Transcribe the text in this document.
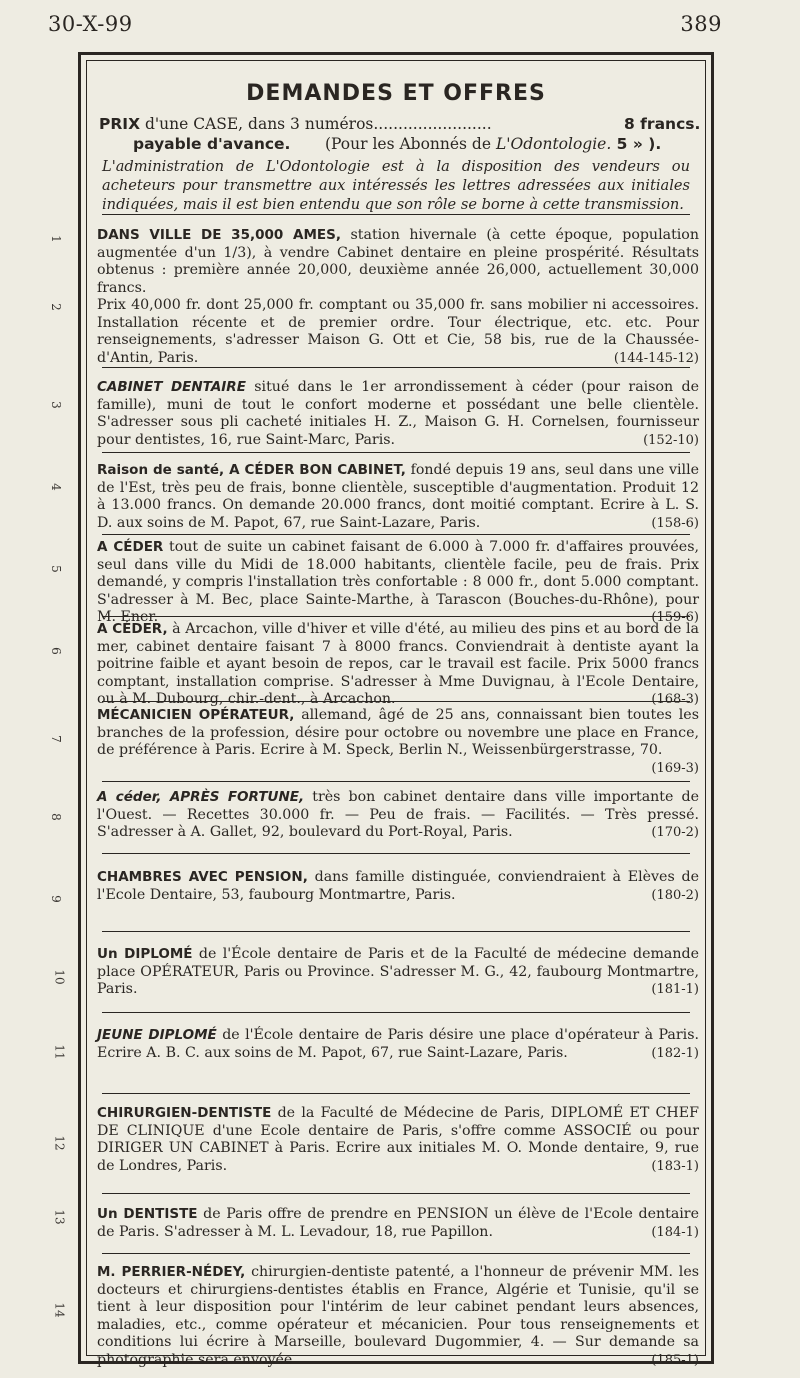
30-X-99	389
DEMANDES ET OFFRES
PRIX d'une CASE, dans 3 numéros........................	8 francs.
payable d'avance. (Pour les Abonnés de L'Odontologie. 5 » ).
L'administration de L'Odontologie est à la disposition des vendeurs ou acheteurs pour transmettre aux intéressés les lettres adressées aux initiales indiquées, mais il est bien entendu que son rôle se borne à cette transmission.
DANS VILLE DE 35,000 AMES, station hivernale (à cette époque, population augmentée d'un 1/3), à vendre Cabinet dentaire en pleine prospérité. Résultats obtenus : première année 20,000, deuxième année 26,000, actuellement 30,000 francs.
Prix 40,000 fr. dont 25,000 fr. comptant ou 35,000 fr. sans mobilier ni accessoires. Installation récente et de premier ordre. Tour électrique, etc. etc. Pour renseignements, s'adresser Maison G. Ott et Cie, 58 bis, rue de la Chaussée-d'Antin, Paris.	(144-145-12)
CABINET DENTAIRE situé dans le 1er arrondissement à céder (pour raison de famille), muni de tout le confort moderne et possédant une belle clientèle. S'adresser sous pli cacheté initiales H. Z., Maison G. H. Cornelsen, fournisseur pour dentistes, 16, rue Saint-Marc, Paris.	(152-10)
Raison de santé, A CÉDER BON CABINET, fondé depuis 19 ans, seul dans une ville de l'Est, très peu de frais, bonne clientèle, susceptible d'augmentation. Produit 12 à 13.000 francs. On demande 20.000 francs, dont moitié comptant. Ecrire à L. S. D. aux soins de M. Papot, 67, rue Saint-Lazare, Paris.	(158-6)
A CÉDER tout de suite un cabinet faisant de 6.000 à 7.000 fr. d'affaires prouvées, seul dans ville du Midi de 18.000 habitants, clientèle facile, peu de frais. Prix demandé, y compris l'installation très confortable : 8 000 fr., dont 5.000 comptant. S'adresser à M. Bec, place Sainte-Marthe, à Tarascon (Bouches-du-Rhône), pour M. Ener.	(159-6)
A CÉDER, à Arcachon, ville d'hiver et ville d'été, au milieu des pins et au bord de la mer, cabinet dentaire faisant 7 à 8000 francs. Conviendrait à dentiste ayant la poitrine faible et ayant besoin de repos, car le travail est facile. Prix 5000 francs comptant, installation comprise. S'adresser à Mme Duvignau, à l'Ecole Dentaire, ou à M. Dubourg, chir.-dent., à Arcachon.	(168-3)
MÉCANICIEN OPÉRATEUR, allemand, âgé de 25 ans, connaissant bien toutes les branches de la profession, désire pour octobre ou novembre une place en France, de préférence à Paris. Ecrire à M. Speck, Berlin N., Weissenbürgerstrasse, 70.
(169-3)
A céder, APRÈS FORTUNE, très bon cabinet dentaire dans ville importante de l'Ouest. — Recettes 30.000 fr. — Peu de frais. — Facilités. — Très pressé. S'adresser à A. Gallet, 92, boulevard du Port-Royal, Paris.	(170-2)
CHAMBRES AVEC PENSION, dans famille distinguée, conviendraient à Elèves de l'Ecole Dentaire, 53, faubourg Montmartre, Paris.	(180-2)
Un DIPLOMÉ de l'École dentaire de Paris et de la Faculté de médecine demande place OPÉRATEUR, Paris ou Province. S'adresser M. G., 42, faubourg Montmartre, Paris.	(181-1)
JEUNE DIPLOMÉ de l'École dentaire de Paris désire une place d'opérateur à Paris. Ecrire A. B. C. aux soins de M. Papot, 67, rue Saint-Lazare, Paris.	(182-1)
CHIRURGIEN-DENTISTE de la Faculté de Médecine de Paris, DIPLOMÉ ET CHEF DE CLINIQUE d'une Ecole dentaire de Paris, s'offre comme ASSOCIÉ ou pour DIRIGER UN CABINET à Paris. Ecrire aux initiales M. O. Monde dentaire, 9, rue de Londres, Paris.	(183-1)
Un DENTISTE de Paris offre de prendre en PENSION un élève de l'Ecole dentaire de Paris. S'adresser à M. L. Levadour, 18, rue Papillon.	(184-1)
M. PERRIER-NÉDEY, chirurgien-dentiste patenté, a l'honneur de prévenir MM. les docteurs et chirurgiens-dentistes établis en France, Algérie et Tunisie, qu'il se tient à leur disposition pour l'intérim de leur cabinet pendant leurs absences, maladies, etc., comme opérateur et mécanicien. Pour tous renseignements et conditions lui écrire à Marseille, boulevard Dugommier, 4. — Sur demande sa photographie sera envoyée.	(185-1)
1
2
3
4
5
6
7
8
9
10
11
12
13
14
